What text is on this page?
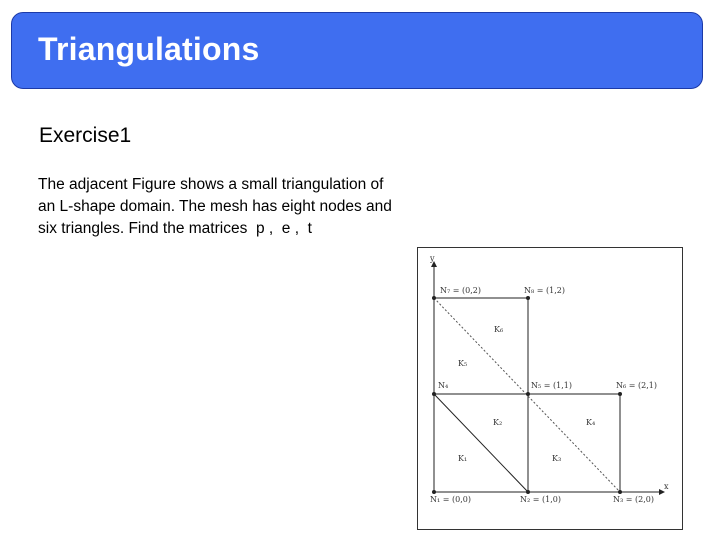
Triangulations
Exercise1
The adjacent Figure shows a small triangulation of
an L-shape domain. The mesh has eight nodes and
six triangles. Find the matrices  p ,  e ,  t
y
x
N₇ = (0,2)	N₈ = (1,2)
N₄	N₅ = (1,1)	N₆ = (2,1)
N₁ = (0,0)	N₂ = (1,0)	N₃ = (2,0)
K₆
K₅
K₂	K₄
K₁	K₃
